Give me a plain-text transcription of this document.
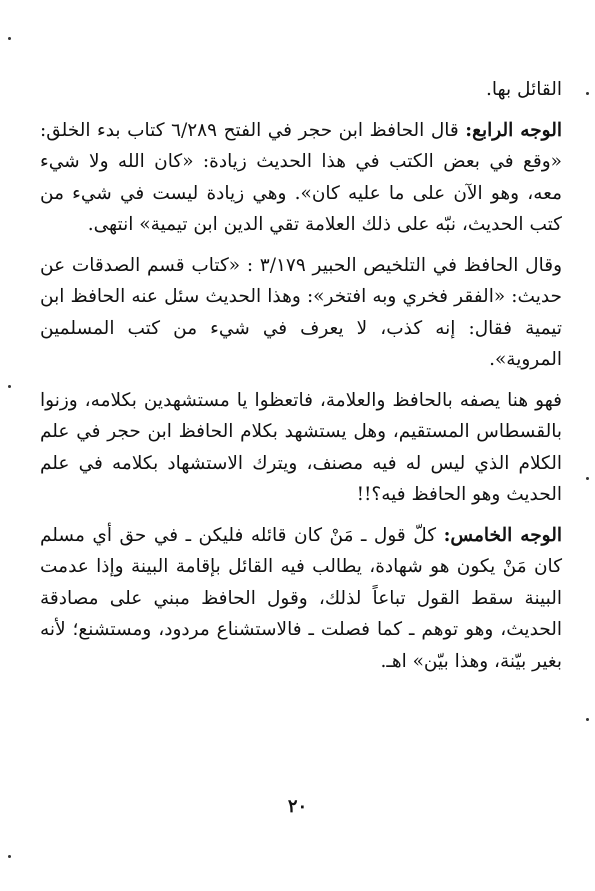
القائل بها.

الوجه الرابع: قال الحافظ ابن حجر في الفتح ٦/٢٨٩ كتاب بدء الخلق: «وقع في بعض الكتب في هذا الحديث زيادة: «كان الله ولا شيء معه، وهو الآن على ما عليه كان». وهي زيادة ليست في شيء من كتب الحديث، نبّه على ذلك العلامة تقي الدين ابن تيمية» انتهى.

وقال الحافظ في التلخيص الحبير ٣/١٧٩ : «كتاب قسم الصدقات عن حديث: «الفقر فخري وبه افتخر»: وهذا الحديث سئل عنه الحافظ ابن تيمية فقال: إنه كذب، لا يعرف في شيء من كتب المسلمين المروية».

فهو هنا يصفه بالحافظ والعلامة، فاتعظوا يا مستشهدين بكلامه، وزنوا بالقسطاس المستقيم، وهل يستشهد بكلام الحافظ ابن حجر في علم الكلام الذي ليس له فيه مصنف، ويترك الاستشهاد بكلامه في علم الحديث وهو الحافظ فيه؟!!

الوجه الخامس: كلّ قول ـ مَنْ كان قائله فليكن ـ في حق أي مسلم كان مَنْ يكون هو شهادة، يطالب فيه القائل بإقامة البينة وإذا عدمت البينة سقط القول تباعاً لذلك، وقول الحافظ مبني على مصادقة الحديث، وهو توهم ـ كما فصلت ـ فالاستشناع مردود، ومستشنع؛ لأنه بغير بيّنة، وهذا بيّن» اهـ.

٢٠
